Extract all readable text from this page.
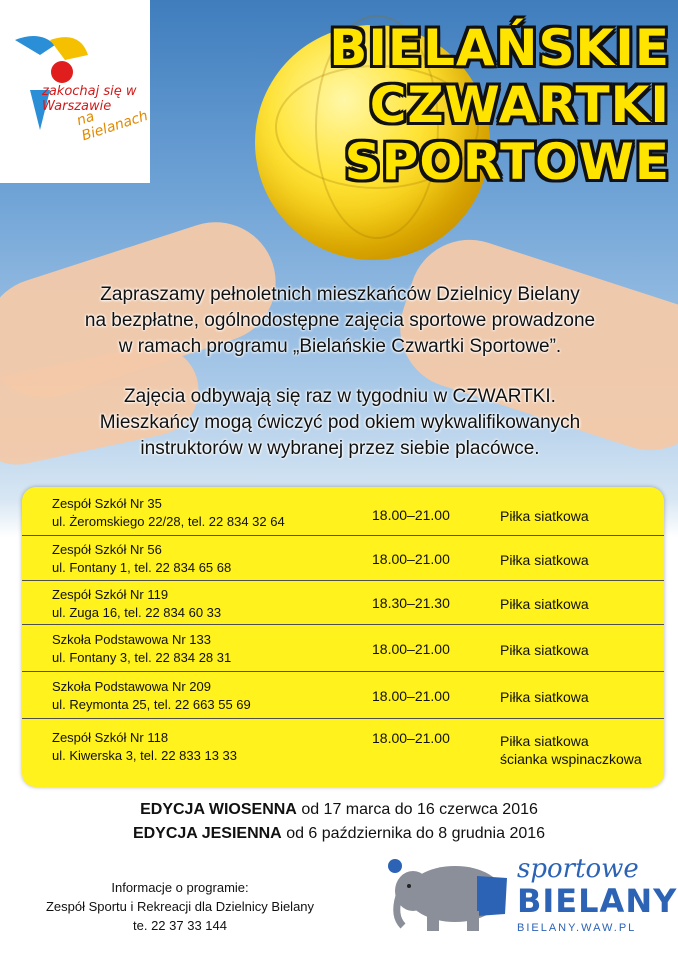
zakochaj się w Warszawie
na Bielanach
BIELAŃSKIE
CZWARTKI
SPORTOWE

Zapraszamy pełnoletnich mieszkańców Dzielnicy Bielany

na bezpłatne, ogólnodostępne zajęcia sportowe prowadzone

w ramach programu „Bielańskie Czwartki Sportowe”.

Zajęcia odbywają się raz w tygodniu w CZWARTKI.

Mieszkańcy mogą ćwiczyć pod okiem wykwalifikowanych

instruktorów w wybranej przez siebie placówce.

Zespół Szkół Nr 35
ul. Żeromskiego 22/28, tel. 22 834 32 64	18.00–21.00	Piłka siatkowa
Zespół Szkół Nr 56
ul. Fontany 1, tel. 22 834 65 68
18.00–21.00	Piłka siatkowa
Zespół Szkół Nr 119
ul. Zuga 16, tel. 22 834 60 33
18.30–21.30	Piłka siatkowa
Szkoła Podstawowa Nr 133
ul. Fontany 3, tel. 22 834 28 31
18.00–21.00	Piłka siatkowa
Szkoła Podstawowa Nr 209
ul. Reymonta 25, tel. 22 663 55 69
18.00–21.00	Piłka siatkowa
Zespół Szkół Nr 118
ul. Kiwerska 3, tel. 22 833 13 33
18.00–21.00	Piłka siatkowa
ścianka wspinaczkowa
EDYCJA WIOSENNA od 17 marca do 16 czerwca 2016
EDYCJA JESIENNA od 6 października do 8 grudnia 2016
Informacje o programie:
Zespół Sportu i Rekreacji dla Dzielnicy Bielany
te. 22 37 33 144
sportowe
BIELANY
BIELANY.WAW.PL
